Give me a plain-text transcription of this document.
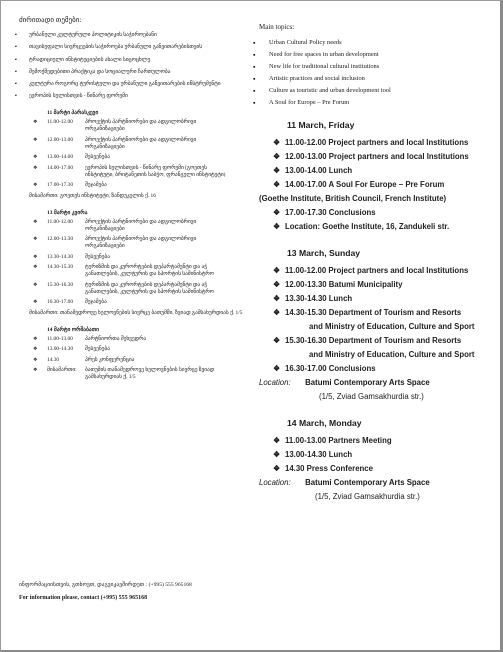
ძირითადი თემები:
▪ ურბანული კულტურული პოლიტიკის საჭიროებანი
▪ თავისუფალი სივრცეების საჭიროება ურბანული განვითარებისთვის
▪ ტრადიციული ინსტიტუციების ახალი სიცოცხლე
▪ შემოქმედებითი პრაქტიკა და სოციალური ჩართულობა
▪ კულტურა როგორც ტურისტული და ურბანული განვითარების ინსტრუმენტი
▪ ევროპის სულისთვის - წინარე ფორუმი
11 მარტი პარასკევი
❖ 11.00-12.00 პროექტის პარტნიორები და ადგილობრივი ორგანიზაციები
❖ 12.00-13.00 პროექტის პარტნიორები და ადგილობრივი ორგანიზაციები
❖ 13.00-14.00 შესვენება
❖ 14.00-17.00 ევროპის სულისთვის - წინარე ფორუმი (გოეთეს ინსტიტუტი, ბრიტანეთის საბჭო, ფრანგული ინსტიტუტი)
❖ 17.00-17.30 შეჯამება
მისამართი: გოეთეს ინსტიტუტი, ზანდუკელის ქ. 16
13 მარტი კვირა
❖ 11.00-12.00 პროექტის პარტნიორები და ადგილობრივი ორგანიზაციები
❖ 12.00-13.30 პროექტის პარტნიორები და ადგილობრივი ორგანიზაციები
❖ 13.30-14.30 შესვენება
❖ 14.30-15.30 ტურიზმის და კურორტების დეპარტამენტი და აჭ განათლების, კულტურის და სპორტის სამინისტრო
❖ 15.30-16.30 ტურიზმის და კურორტების დეპარტამენტი და აჭ განათლების, კულტურის და სპორტის სამინისტრო
❖ 16.30-17.00 შეჯამება
მისამართი: თანამედროვე ხელოვნების სივრცე ბათუმში, ზვიად გამსახურდიას ქ. 1/5
14 მარტი ორშაბათი
❖ 11.00-13.00 პარტნიორთა შეხვედრა
❖ 13.00-14.30 შესვენება
❖ 14.30	პრეს კონფერენცია
❖ მისამართი: ბათუმის თანამედროვე ხელოვნების სივრცე ზვიად გამსახურდიას ქ. 1/5
Main topics:
▪ Urban Cultural Policy needs
▪ Need for free spaces in urban development
▪ New life for traditional cultural institutions
▪ Artistic practices and social inclusion
▪ Culture as touristic and urban development tool
▪ A Soul for Europe – Pre Forum
11 March, Friday
❖ 11.00-12.00 Project partners and local Institutions
❖ 12.00-13.00 Project partners and local Institutions
❖ 13.00-14.00 Lunch
❖ 14.00-17.00 A Soul For Europe – Pre Forum
(Goethe Institute, British Council, French Institute)
❖ 17.00-17.30 Conclusions
❖ Location: Goethe Institute, 16, Zandukeli str.
13 March, Sunday
❖ 11.00-12.00 Project partners and local Institutions
❖ 12.00-13.30 Batumi Municipality
❖ 13.30-14.30 Lunch
❖ 14.30-15.30 Department of Tourism and Resorts
and Ministry of Education, Culture and Sport
❖ 15.30-16.30 Department of Tourism and Resorts
and Ministry of Education, Culture and Sport
❖ 16.30-17.00 Conclusions
Location: Batumi Contemporary Arts Space
(1/5, Zviad Gamsakhurdia str.)
14 March, Monday
❖ 11.00-13.00 Partners Meeting
❖ 13.00-14.30 Lunch
❖ 14.30 Press Conference
Location: Batumi Contemporary Arts Space
(1/5, Zviad Gamsakhurdia str.)
ინფორმაციისთვის, გთხოვთ, დაგვიკავშირდეთ : (+995) 555 965168
For information please, contact (+995) 555 965168
